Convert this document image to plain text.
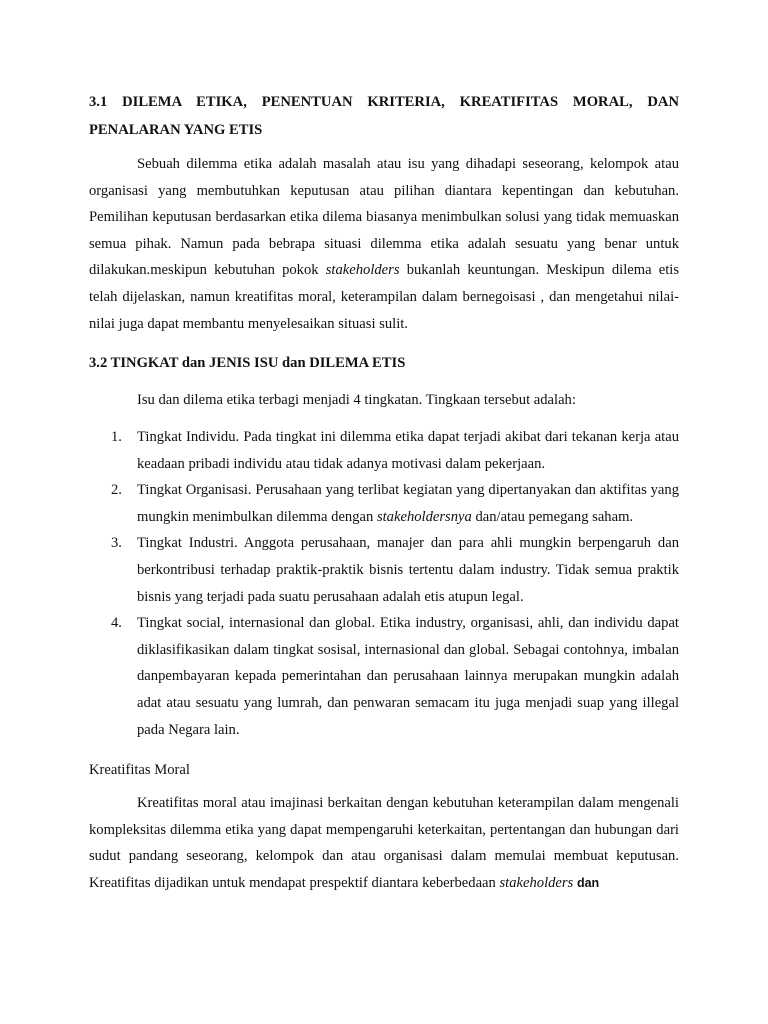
3.1 DILEMA ETIKA, PENENTUAN KRITERIA, KREATIFITAS MORAL, DAN
PENALARAN YANG ETIS

Sebuah dilemma etika adalah masalah atau isu yang dihadapi seseorang, kelompok atau organisasi yang membutuhkan keputusan atau pilihan diantara kepentingan dan kebutuhan. Pemilihan keputusan berdasarkan etika dilema biasanya menimbulkan solusi yang tidak memuaskan semua pihak. Namun pada bebrapa situasi dilemma etika adalah sesuatu yang benar untuk dilakukan.meskipun kebutuhan pokok stakeholders bukanlah keuntungan. Meskipun dilema etis telah dijelaskan, namun kreatifitas moral, keterampilan dalam bernegoisasi , dan mengetahui nilai-nilai juga dapat membantu menyelesaikan situasi sulit.

3.2 TINGKAT dan JENIS ISU dan DILEMA ETIS

Isu dan dilema etika terbagi menjadi 4 tingkatan. Tingkaan tersebut adalah:

1. Tingkat Individu. Pada tingkat ini dilemma etika dapat terjadi akibat dari tekanan kerja atau keadaan pribadi individu atau tidak adanya motivasi dalam pekerjaan.
2. Tingkat Organisasi. Perusahaan yang terlibat kegiatan yang dipertanyakan dan aktifitas yang mungkin menimbulkan dilemma dengan stakeholdersnya dan/atau pemegang saham.
3. Tingkat Industri. Anggota perusahaan, manajer dan para ahli mungkin berpengaruh dan berkontribusi terhadap praktik-praktik bisnis tertentu dalam industry. Tidak semua praktik bisnis yang terjadi pada suatu perusahaan adalah etis atupun legal.
4. Tingkat social, internasional dan global. Etika industry, organisasi, ahli, dan individu dapat diklasifikasikan dalam tingkat sosisal, internasional dan global. Sebagai contohnya, imbalan danpembayaran kepada pemerintahan dan perusahaan lainnya merupakan mungkin adalah adat atau sesuatu yang lumrah, dan penwaran semacam itu juga menjadi suap yang illegal pada Negara lain.

Kreatifitas Moral

Kreatifitas moral atau imajinasi berkaitan dengan kebutuhan keterampilan dalam mengenali kompleksitas dilemma etika yang dapat mempengaruhi keterkaitan, pertentangan dan hubungan dari sudut pandang seseorang, kelompok dan atau organisasi dalam memulai membuat keputusan. Kreatifitas dijadikan untuk mendapat prespektif diantara keberbedaan stakeholders dan
